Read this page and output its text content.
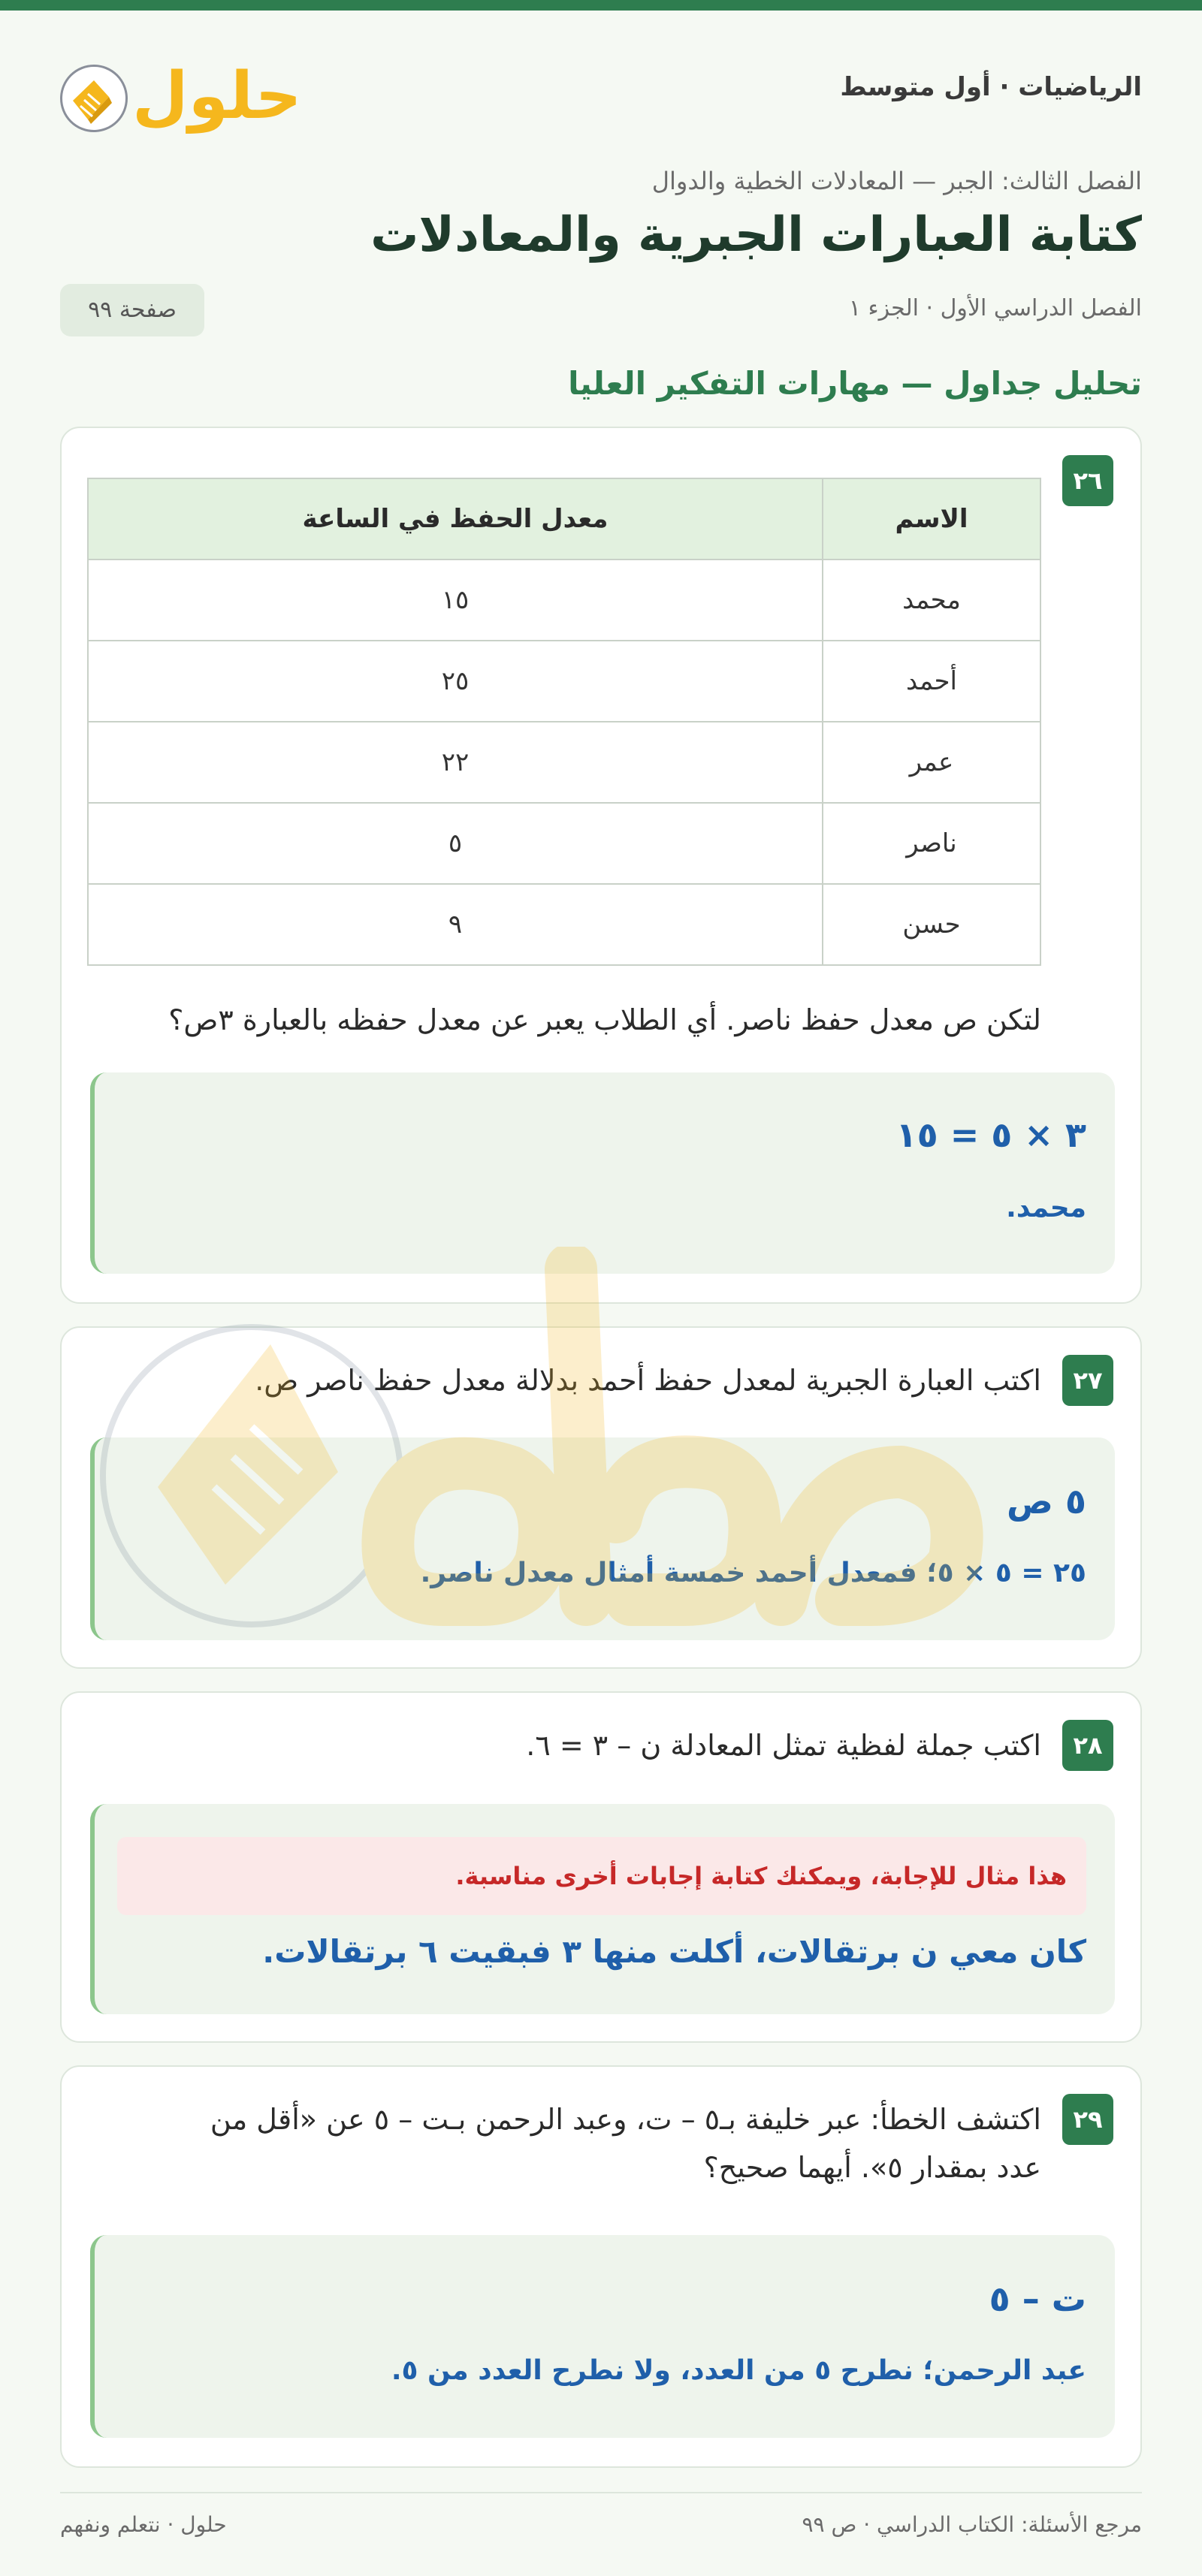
الرياضيات · أول متوسط
حلول
الفصل الثالث: الجبر — المعادلات الخطية والدوال
كتابة العبارات الجبرية والمعادلات
الفصل الدراسي الأول · الجزء ١
صفحة ٩٩
تحليل جداول — مهارات التفكير العليا
٢٦
الاسم	معدل الحفظ في الساعة
محمد	١٥
أحمد	٢٥
عمر	٢٢
ناصر	٥
حسن	٩
لتكن ص معدل حفظ ناصر. أي الطلاب يعبر عن معدل حفظه بالعبارة ٣ص؟
٣ × ٥ = ١٥
محمد.
٢٧
اكتب العبارة الجبرية لمعدل حفظ أحمد بدلالة معدل حفظ ناصر ص.
٥ ص
٢٥ = ٥ × ٥؛ فمعدل أحمد خمسة أمثال معدل ناصر.
٢٨
اكتب جملة لفظية تمثل المعادلة ن – ٣ = ٦.
هذا مثال للإجابة، ويمكنك كتابة إجابات أخرى مناسبة.
كان معي ن برتقالات، أكلت منها ٣ فبقيت ٦ برتقالات.
٢٩
اكتشف الخطأ: عبر خليفة بـ٥ – ت، وعبد الرحمن بـت – ٥ عن «أقل من
عدد بمقدار ٥». أيهما صحيح؟
ت – ٥
عبد الرحمن؛ نطرح ٥ من العدد، ولا نطرح العدد من ٥.
مرجع الأسئلة: الكتاب الدراسي · ص ٩٩
حلول · نتعلم ونفهم
